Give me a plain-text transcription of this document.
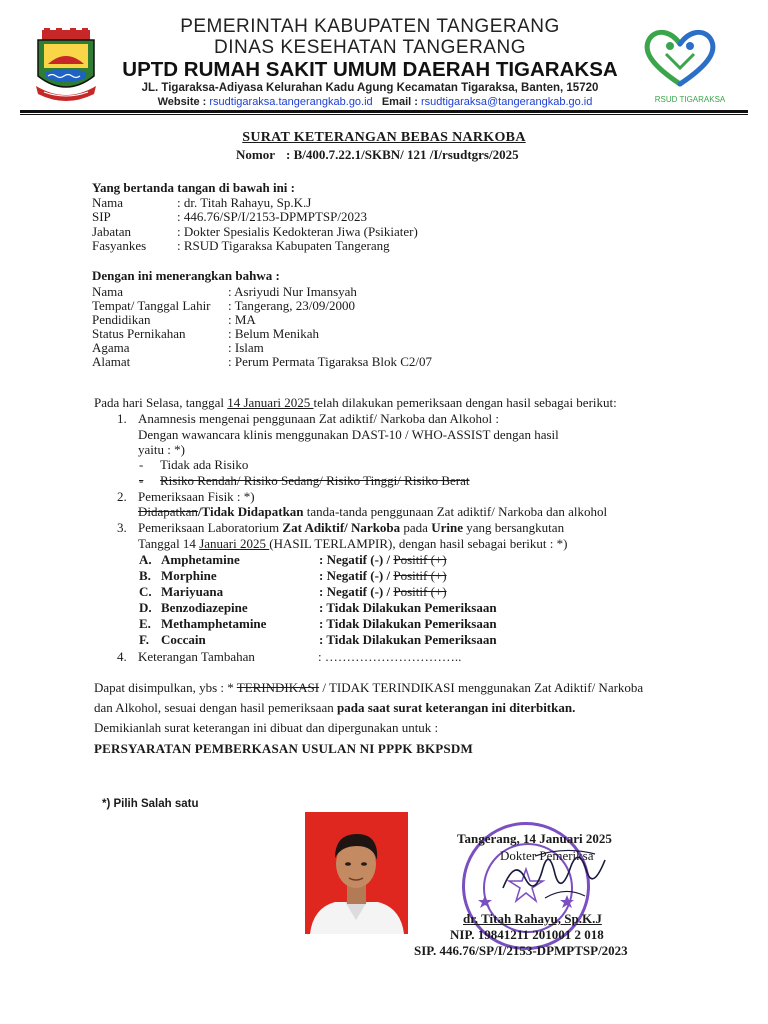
PEMERINTAH KABUPATEN TANGERANG
DINAS KESEHATAN TANGERANG
UPTD RUMAH SAKIT UMUM DAERAH TIGARAKSA
JL. Tigaraksa-Adiyasa Kelurahan Kadu Agung Kecamatan Tigaraksa, Banten, 15720
Website : rsudtigaraksa.tangerangkab.go.id Email : rsudtigaraksa@tangerangkab.go.id	RSUD TIGARAKSA
SURAT KETERANGAN BEBAS NARKOBA
Nomor : B/400.7.22.1/SKBN/ 121 /I/rsudtgrs/2025
Yang bertanda tangan di bawah ini :
Nama	: dr. Titah Rahayu, Sp.K.J
SIP	: 446.76/SP/I/2153-DPMPTSP/2023
Jabatan	: Dokter Spesialis Kedokteran Jiwa (Psikiater)
Fasyankes : RSUD Tigaraksa Kabupaten Tangerang
Dengan ini menerangkan bahwa :
Nama	: Asriyudi Nur Imansyah
Tempat/ Tanggal Lahir : Tangerang, 23/09/2000
Pendidikan	: MA
Status Pernikahan	: Belum Menikah
Agama	: Islam
Alamat	: Perum Permata Tigaraksa Blok C2/07
Pada hari Selasa, tanggal 14 Januari 2025 telah dilakukan pemeriksaan dengan hasil sebagai berikut:
1. Anamnesis mengenai penggunaan Zat adiktif/ Narkoba dan Alkohol :
Dengan wawancara klinis menggunakan DAST-10 / WHO-ASSIST dengan hasil
yaitu : *)
- Tidak ada Risiko
- Risiko Rendah/ Risiko Sedang/ Risiko Tinggi/ Risiko Berat
2. Pemeriksaan Fisik : *)
Didapatkan/Tidak Didapatkan tanda-tanda penggunaan Zat adiktif/ Narkoba dan alkohol
3. Pemeriksaan Laboratorium Zat Adiktif/ Narkoba pada Urine yang bersangkutan
Tanggal 14 Januari 2025 (HASIL TERLAMPIR), dengan hasil sebagai berikut : *)
A. Amphetamine	: Negatif (-) / Positif (+)
B. Morphine	: Negatif (-) / Positif (+)
C. Mariyuana	: Negatif (-) / Positif (+)
D. Benzodiazepine	: Tidak Dilakukan Pemeriksaan
E. Methamphetamine	: Tidak Dilakukan Pemeriksaan
F. Coccain	: Tidak Dilakukan Pemeriksaan
4. Keterangan Tambahan	: …………………………..
Dapat disimpulkan, ybs : * TERINDIKASI / TIDAK TERINDIKASI menggunakan Zat Adiktif/ Narkoba
dan Alkohol, sesuai dengan hasil pemeriksaan pada saat surat keterangan ini diterbitkan.
Demikianlah surat keterangan ini dibuat dan dipergunakan untuk :
PERSYARATAN PEMBERKASAN USULAN NI PPPK BKPSDM
*) Pilih Salah satu
Tangerang, 14 Januari 2025
Dokter Pemeriksa
dr. Titah Rahayu, Sp.K.J
NIP. 19841211 201001 2 018
SIP. 446.76/SP/I/2153-DPMPTSP/2023
